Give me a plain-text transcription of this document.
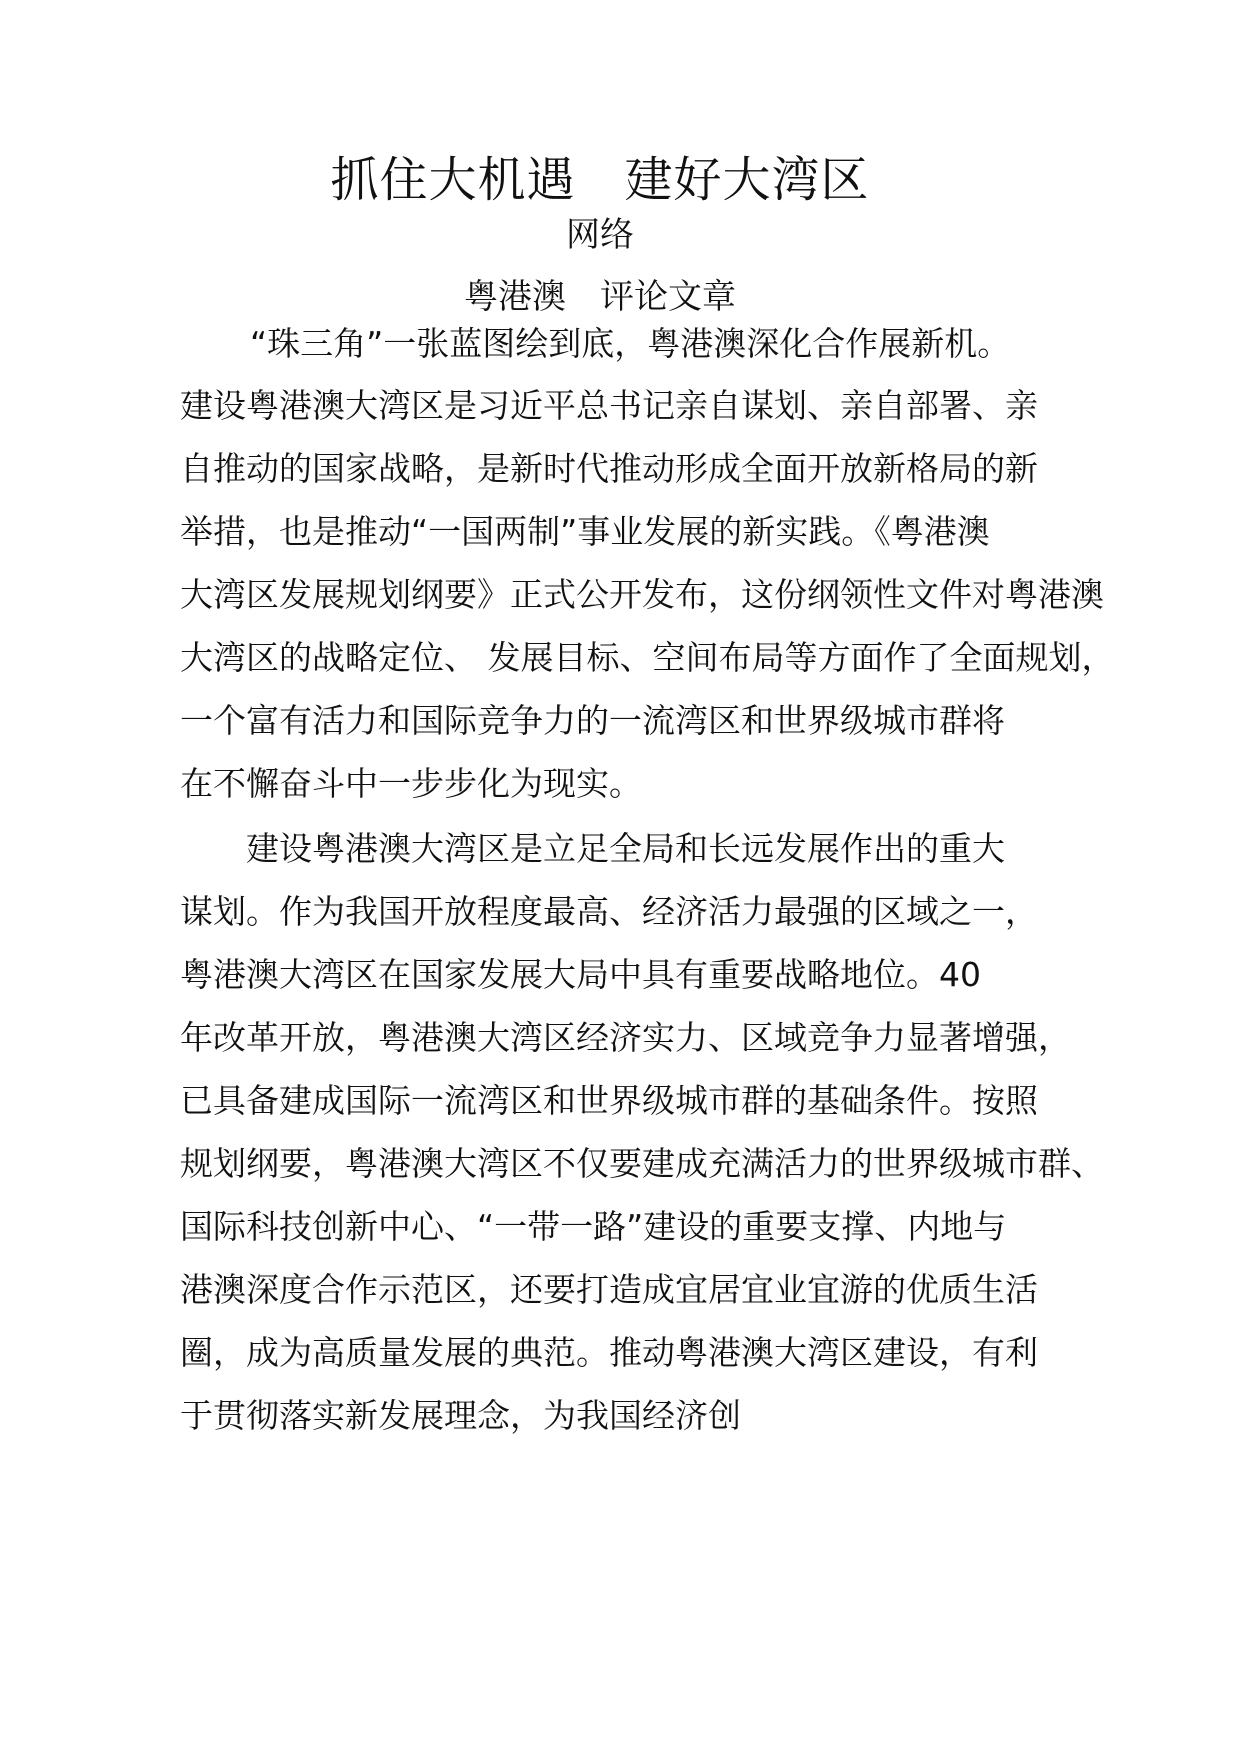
抓住大机遇　建好大湾区

网络

粤港澳　评论文章

“珠三角”一张蓝图绘到底，粤港澳深化合作展新机。

建设粤港澳大湾区是习近平总书记亲自谋划、亲自部署、亲

自推动的国家战略，是新时代推动形成全面开放新格局的新

举措，也是推动“一国两制”事业发展的新实践。《粤港澳

大湾区发展规划纲要》正式公开发布，这份纲领性文件对粤港澳

大湾区的战略定位、 发展目标、空间布局等方面作了全面规划，

一个富有活力和国际竞争力的一流湾区和世界级城市群将

在不懈奋斗中一步步化为现实。

建设粤港澳大湾区是立足全局和长远发展作出的重大

谋划。作为我国开放程度最高、经济活力最强的区域之一，

粤港澳大湾区在国家发展大局中具有重要战略地位。40

年改革开放，粤港澳大湾区经济实力、区域竞争力显著增强，

已具备建成国际一流湾区和世界级城市群的基础条件。按照

规划纲要，粤港澳大湾区不仅要建成充满活力的世界级城市群、

国际科技创新中心、“一带一路”建设的重要支撑、内地与

港澳深度合作示范区，还要打造成宜居宜业宜游的优质生活

圈，成为高质量发展的典范。推动粤港澳大湾区建设，有利

于贯彻落实新发展理念，为我国经济创
